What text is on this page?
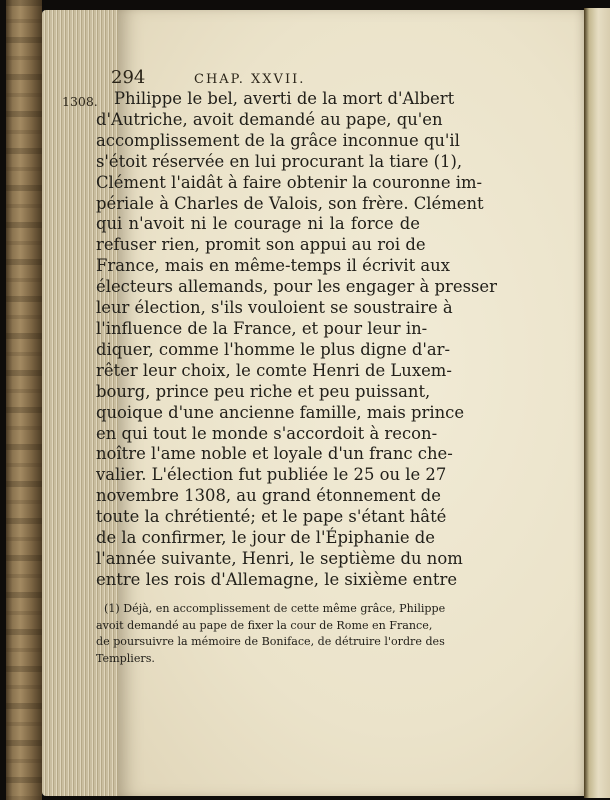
294	CHAP. XXVII.
1308. Philippe le bel, averti de la mort d'Albert
d'Autriche, avoit demandé au pape, qu'en
accomplissement de la grâce inconnue qu'il
s'étoit réservée en lui procurant la tiare (1),
Clément l'aidât à faire obtenir la couronne im-
périale à Charles de Valois, son frère. Clément
qui n'avoit ni le courage ni la force de
refuser rien, promit son appui au roi de
France, mais en même-temps il écrivit aux
électeurs allemands, pour les engager à presser
leur élection, s'ils vouloient se soustraire à
l'influence de la France, et pour leur in-
diquer, comme l'homme le plus digne d'ar-
rêter leur choix, le comte Henri de Luxem-
bourg, prince peu riche et peu puissant,
quoique d'une ancienne famille, mais prince
en qui tout le monde s'accordoit à recon-
noître l'ame noble et loyale d'un franc che-
valier. L'élection fut publiée le 25 ou le 27
novembre 1308, au grand étonnement de
toute la chrétienté; et le pape s'étant hâté
de la confirmer, le jour de l'Épiphanie de
l'année suivante, Henri, le septième du nom
entre les rois d'Allemagne, le sixième entre
(1) Déjà, en accomplissement de cette même grâce, Philippe
avoit demandé au pape de fixer la cour de Rome en France,
de poursuivre la mémoire de Boniface, de détruire l'ordre des
Templiers.
